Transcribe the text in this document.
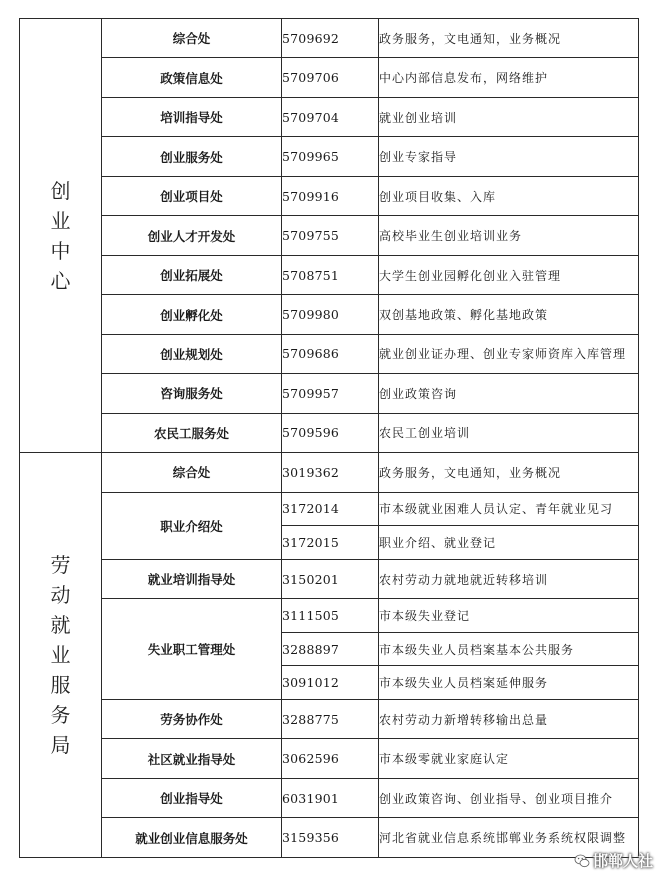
创业中心	综合处	5709692	政务服务，文电通知，业务概况
	政策信息处	5709706	中心内部信息发布，网络维护
	培训指导处	5709704	就业创业培训
	创业服务处	5709965	创业专家指导
	创业项目处	5709916	创业项目收集、入库
	创业人才开发处	5709755	高校毕业生创业培训业务
	创业拓展处	5708751	大学生创业园孵化创业入驻管理
	创业孵化处	5709980	双创基地政策、孵化基地政策
	创业规划处	5709686	就业创业证办理、创业专家师资库入库管理
	咨询服务处	5709957	创业政策咨询
	农民工服务处	5709596	农民工创业培训
劳动就业服务局	综合处	3019362	政务服务，文电通知，业务概况
	职业介绍处	3172014	市本级就业困难人员认定、青年就业见习
		3172015	职业介绍、就业登记
	就业培训指导处	3150201	农村劳动力就地就近转移培训
	失业职工管理处	3111505	市本级失业登记
		3288897	市本级失业人员档案基本公共服务
		3091012	市本级失业人员档案延伸服务
	劳务协作处	3288775	农村劳动力新增转移输出总量
	社区就业指导处	3062596	市本级零就业家庭认定
	创业指导处	6031901	创业政策咨询、创业指导、创业项目推介
	就业创业信息服务处	3159356	河北省就业信息系统邯郸业务系统权限调整
邯郸人社
